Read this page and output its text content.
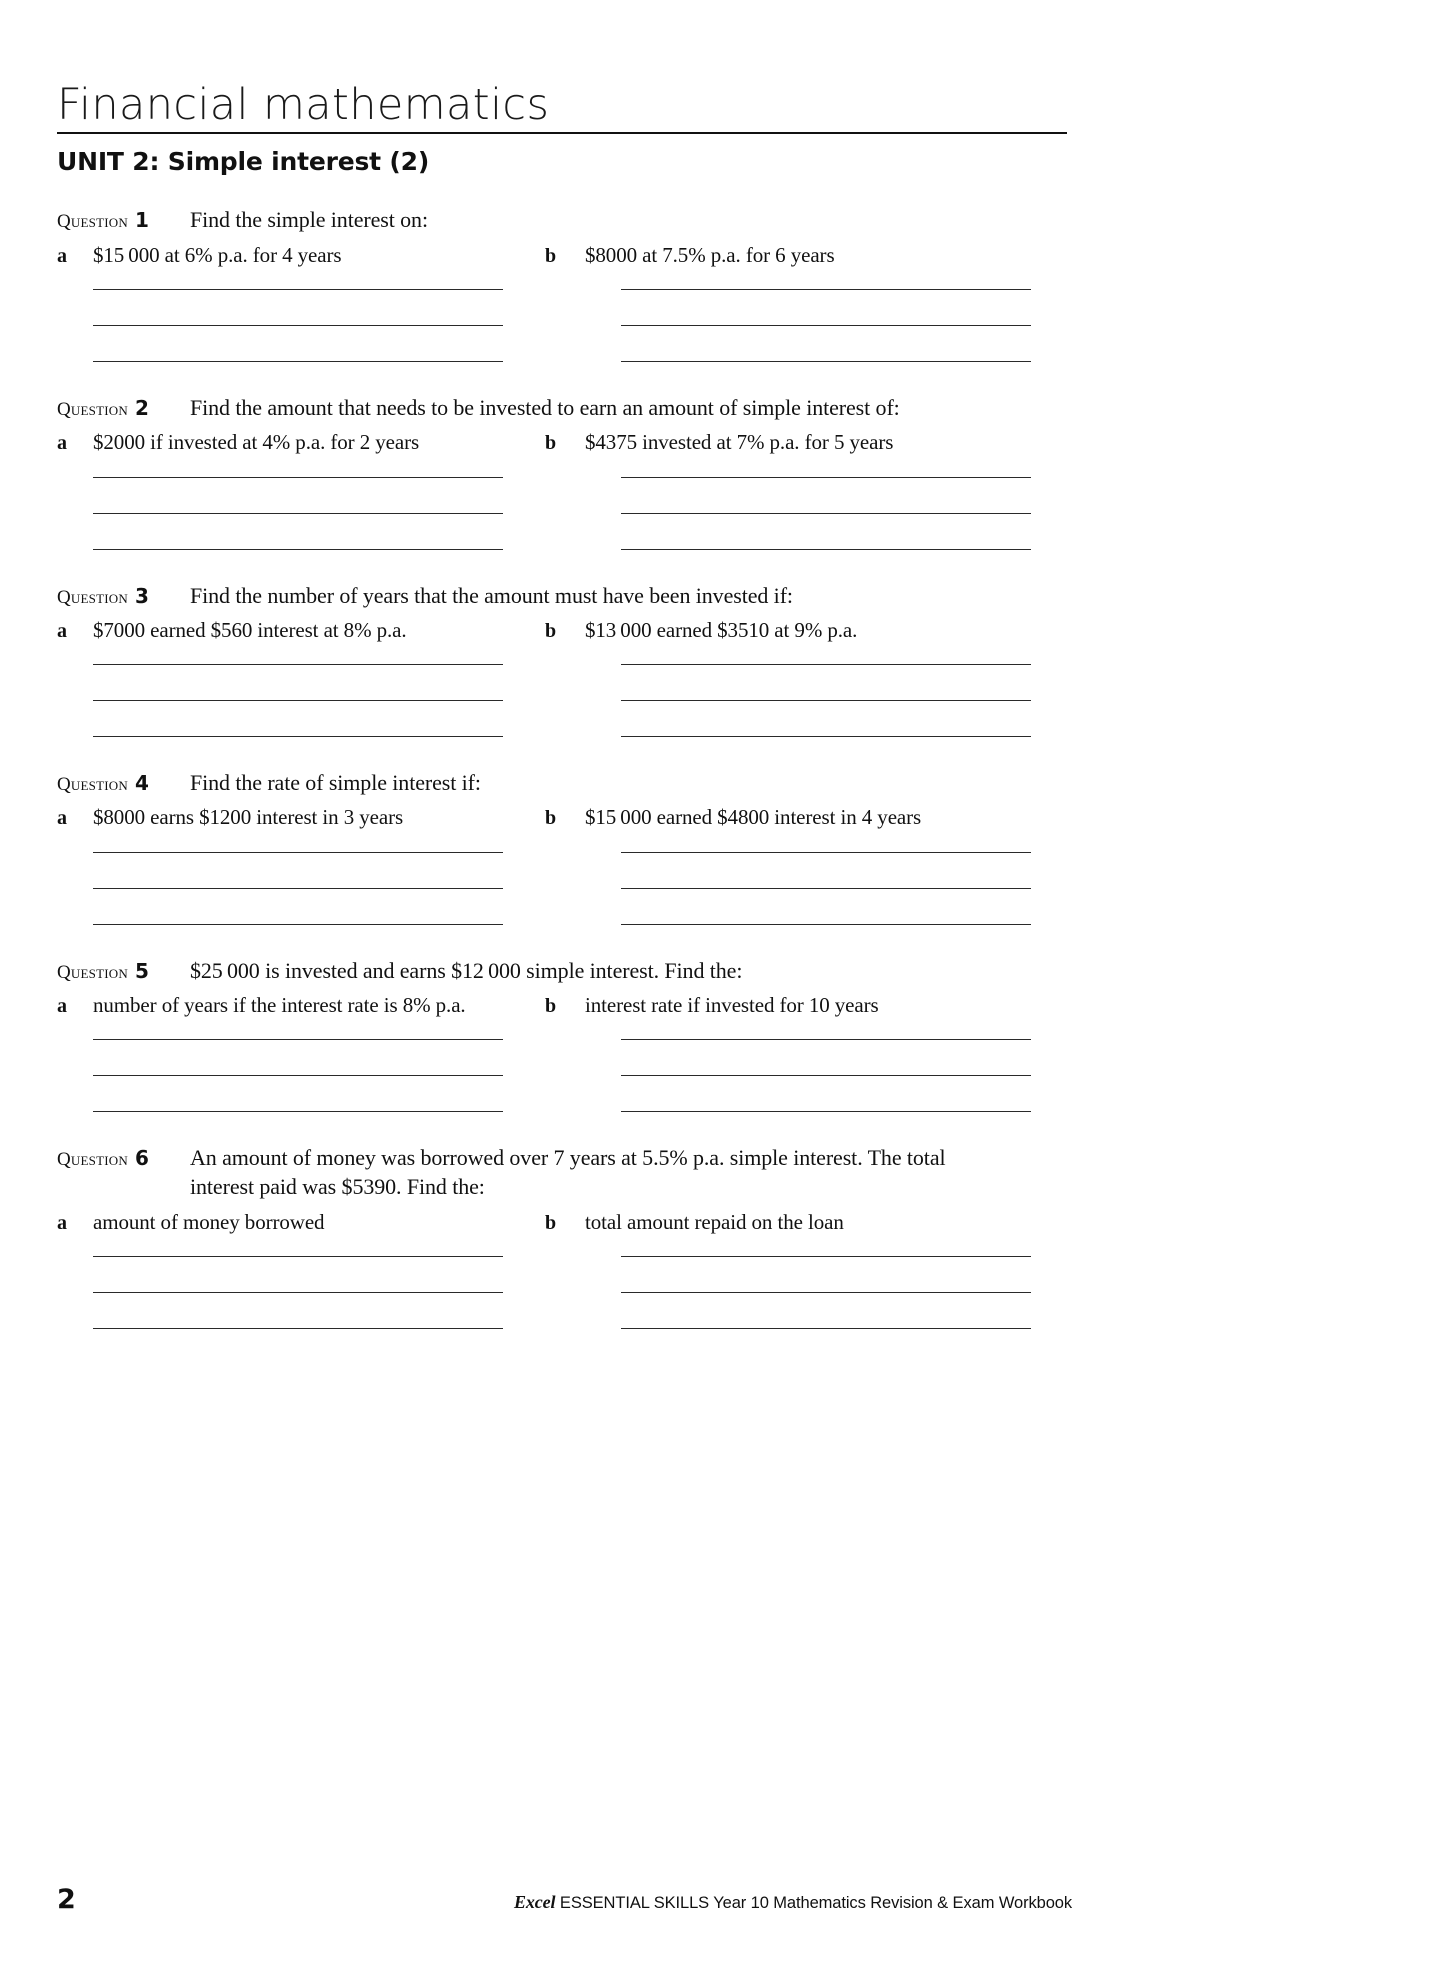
Financial mathematics
UNIT 2: Simple interest (2)
Question 1	Find the simple interest on:
a	$15 000 at 6% p.a. for 4 years	b	$8000 at 7.5% p.a. for 6 years
Question 2	Find the amount that needs to be invested to earn an amount of simple interest of:
a	$2000 if invested at 4% p.a. for 2 years	b	$4375 invested at 7% p.a. for 5 years
Question 3	Find the number of years that the amount must have been invested if:
a	$7000 earned $560 interest at 8% p.a.	b	$13 000 earned $3510 at 9% p.a.
Question 4	Find the rate of simple interest if:
a	$8000 earns $1200 interest in 3 years	b	$15 000 earned $4800 interest in 4 years
Question 5	$25 000 is invested and earns $12 000 simple interest. Find the:
a	number of years if the interest rate is 8% p.a.	b	interest rate if invested for 10 years
Question 6	An amount of money was borrowed over 7 years at 5.5% p.a. simple interest. The total
interest paid was $5390. Find the:
a	amount of money borrowed	b	total amount repaid on the loan
2	Excel ESSENTIAL SKILLS Year 10 Mathematics Revision & Exam Workbook
